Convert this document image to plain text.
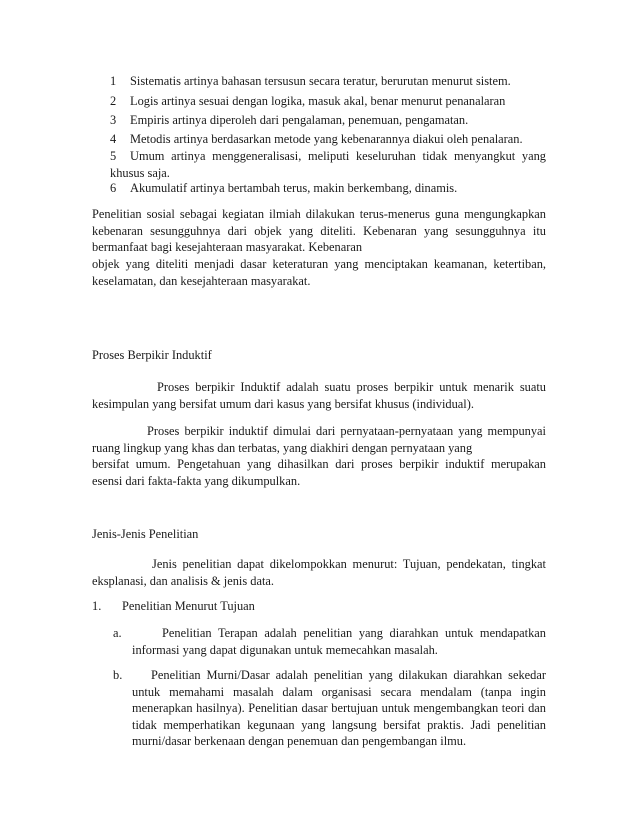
1 Sistematis artinya bahasan tersusun secara teratur, berurutan menurut sistem.

2 Logis artinya sesuai dengan logika, masuk akal, benar menurut penanalaran

3 Empiris artinya diperoleh dari pengalaman, penemuan, pengamatan.

4 Metodis artinya berdasarkan metode yang kebenarannya diakui oleh penalaran.

5 Umum artinya menggeneralisasi, meliputi keseluruhan tidak menyangkut yang khusus saja.

6 Akumulatif artinya bertambah terus, makin berkembang, dinamis.

Penelitian sosial sebagai kegiatan ilmiah dilakukan terus-menerus guna mengungkapkan kebenaran sesungguhnya dari objek yang diteliti. Kebenaran yang sesungguhnya itu bermanfaat bagi kesejahteraan masyarakat. Kebenaran

objek yang diteliti menjadi dasar keteraturan yang menciptakan keamanan, ketertiban, keselamatan, dan kesejahteraan masyarakat.

Proses Berpikir Induktif

Proses berpikir Induktif adalah suatu proses berpikir untuk menarik suatu kesimpulan yang bersifat umum dari kasus yang bersifat khusus (individual).

Proses berpikir induktif dimulai dari pernyataan-pernyataan yang mempunyai ruang lingkup yang khas dan terbatas, yang diakhiri dengan pernyataan yang

bersifat umum. Pengetahuan yang dihasilkan dari proses berpikir induktif merupakan esensi dari fakta-fakta yang dikumpulkan.

Jenis-Jenis Penelitian

Jenis penelitian dapat dikelompokkan menurut: Tujuan, pendekatan, tingkat eksplanasi, dan analisis & jenis data.

1. Penelitian Menurut Tujuan

a.	Penelitian Terapan adalah penelitian yang diarahkan untuk mendapatkan informasi yang dapat digunakan untuk memecahkan masalah.
b.	Penelitian Murni/Dasar adalah penelitian yang dilakukan diarahkan sekedar untuk memahami masalah dalam organisasi secara mendalam (tanpa ingin menerapkan hasilnya). Penelitian dasar bertujuan untuk mengembangkan teori dan tidak memperhatikan kegunaan yang langsung bersifat praktis. Jadi penelitian murni/dasar berkenaan dengan penemuan dan pengembangan ilmu.
